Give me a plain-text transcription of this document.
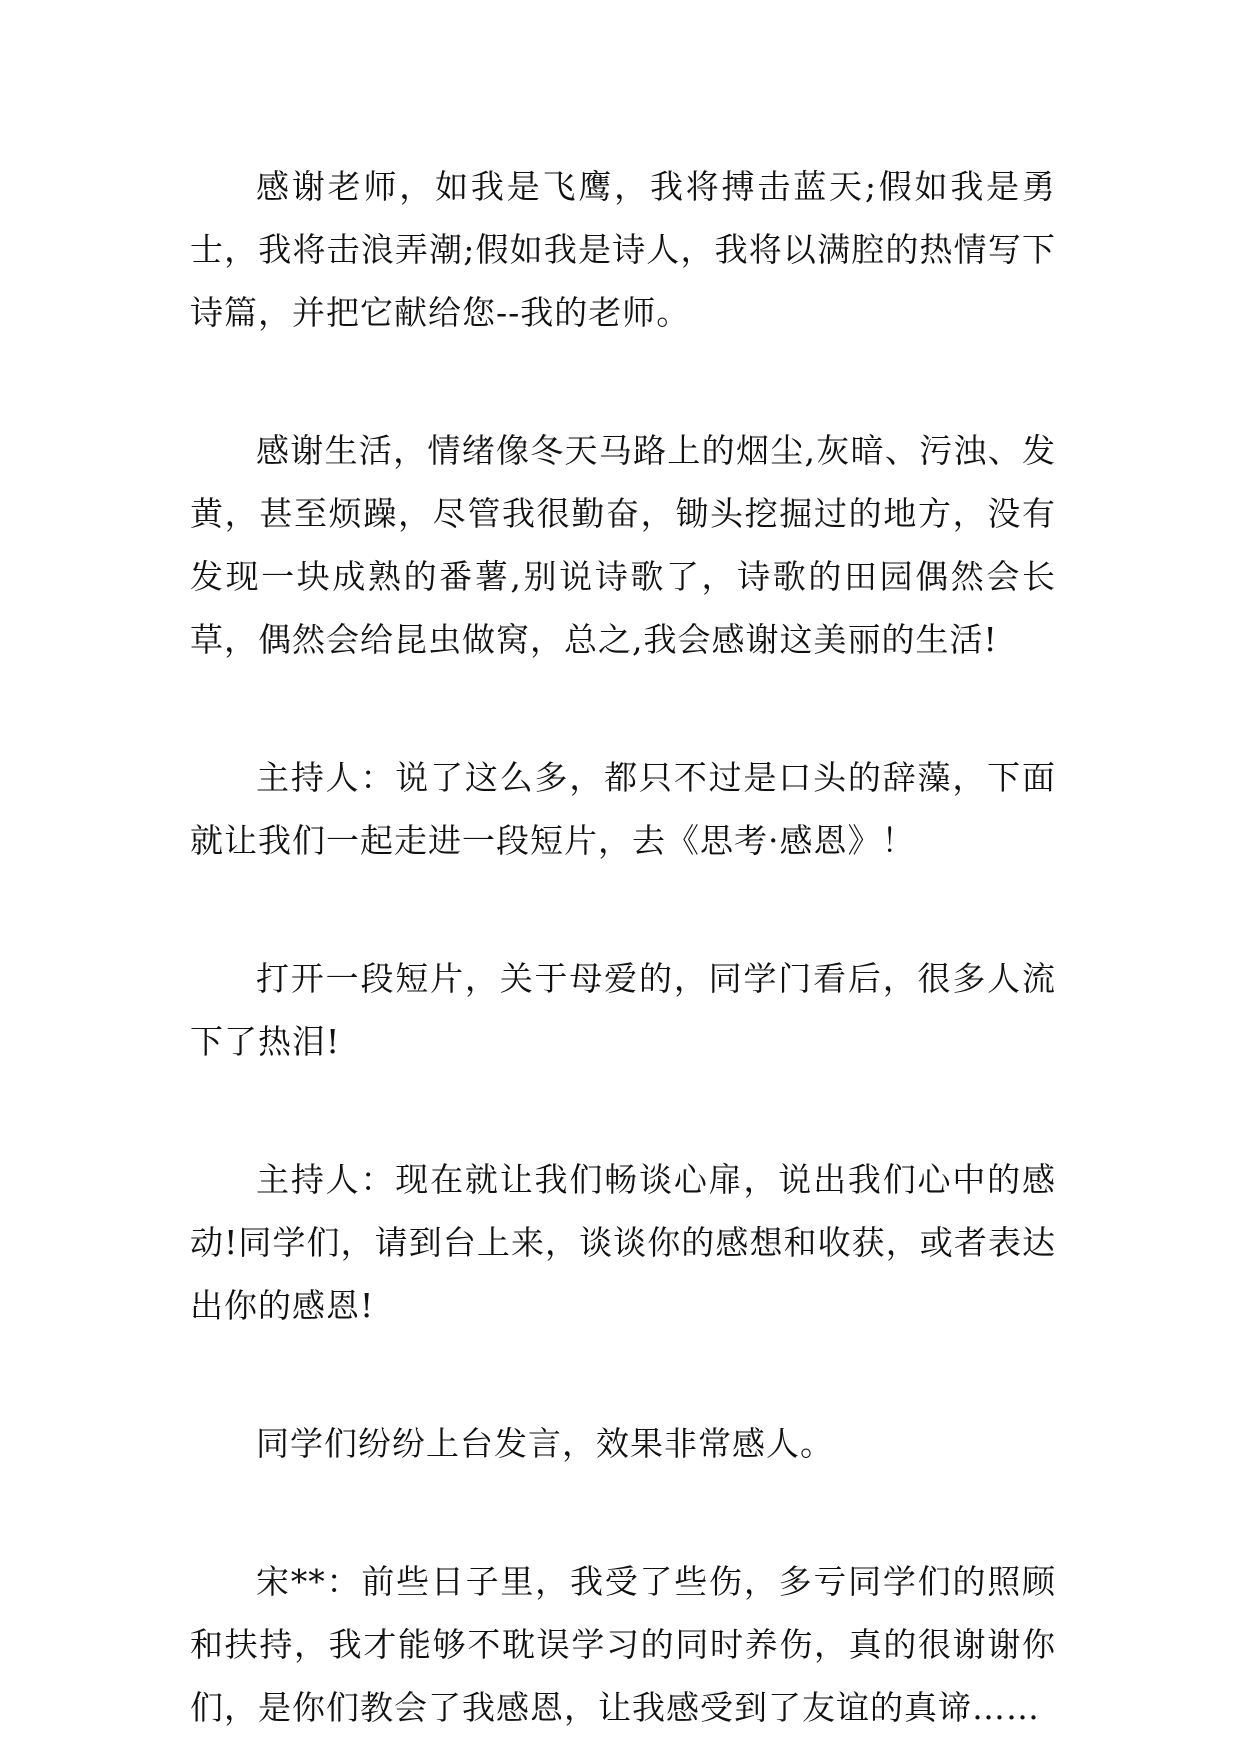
感谢老师，如我是飞鹰，我将搏击蓝天;假如我是勇士，我将击浪弄潮;假如我是诗人，我将以满腔的热情写下诗篇，并把它献给您--我的老师。

感谢生活，情绪像冬天马路上的烟尘,灰暗、污浊、发黄，甚至烦躁，尽管我很勤奋，锄头挖掘过的地方，没有发现一块成熟的番薯,别说诗歌了，诗歌的田园偶然会长草，偶然会给昆虫做窝，总之,我会感谢这美丽的生活!

主持人：说了这么多，都只不过是口头的辞藻，下面就让我们一起走进一段短片，去《思考·感恩》！

打开一段短片，关于母爱的，同学门看后，很多人流下了热泪!

主持人：现在就让我们畅谈心扉，说出我们心中的感动!同学们，请到台上来，谈谈你的感想和收获，或者表达出你的感恩!

同学们纷纷上台发言，效果非常感人。

宋**：前些日子里，我受了些伤，多亏同学们的照顾和扶持，我才能够不耽误学习的同时养伤，真的很谢谢你们，是你们教会了我感恩，让我感受到了友谊的真谛……
